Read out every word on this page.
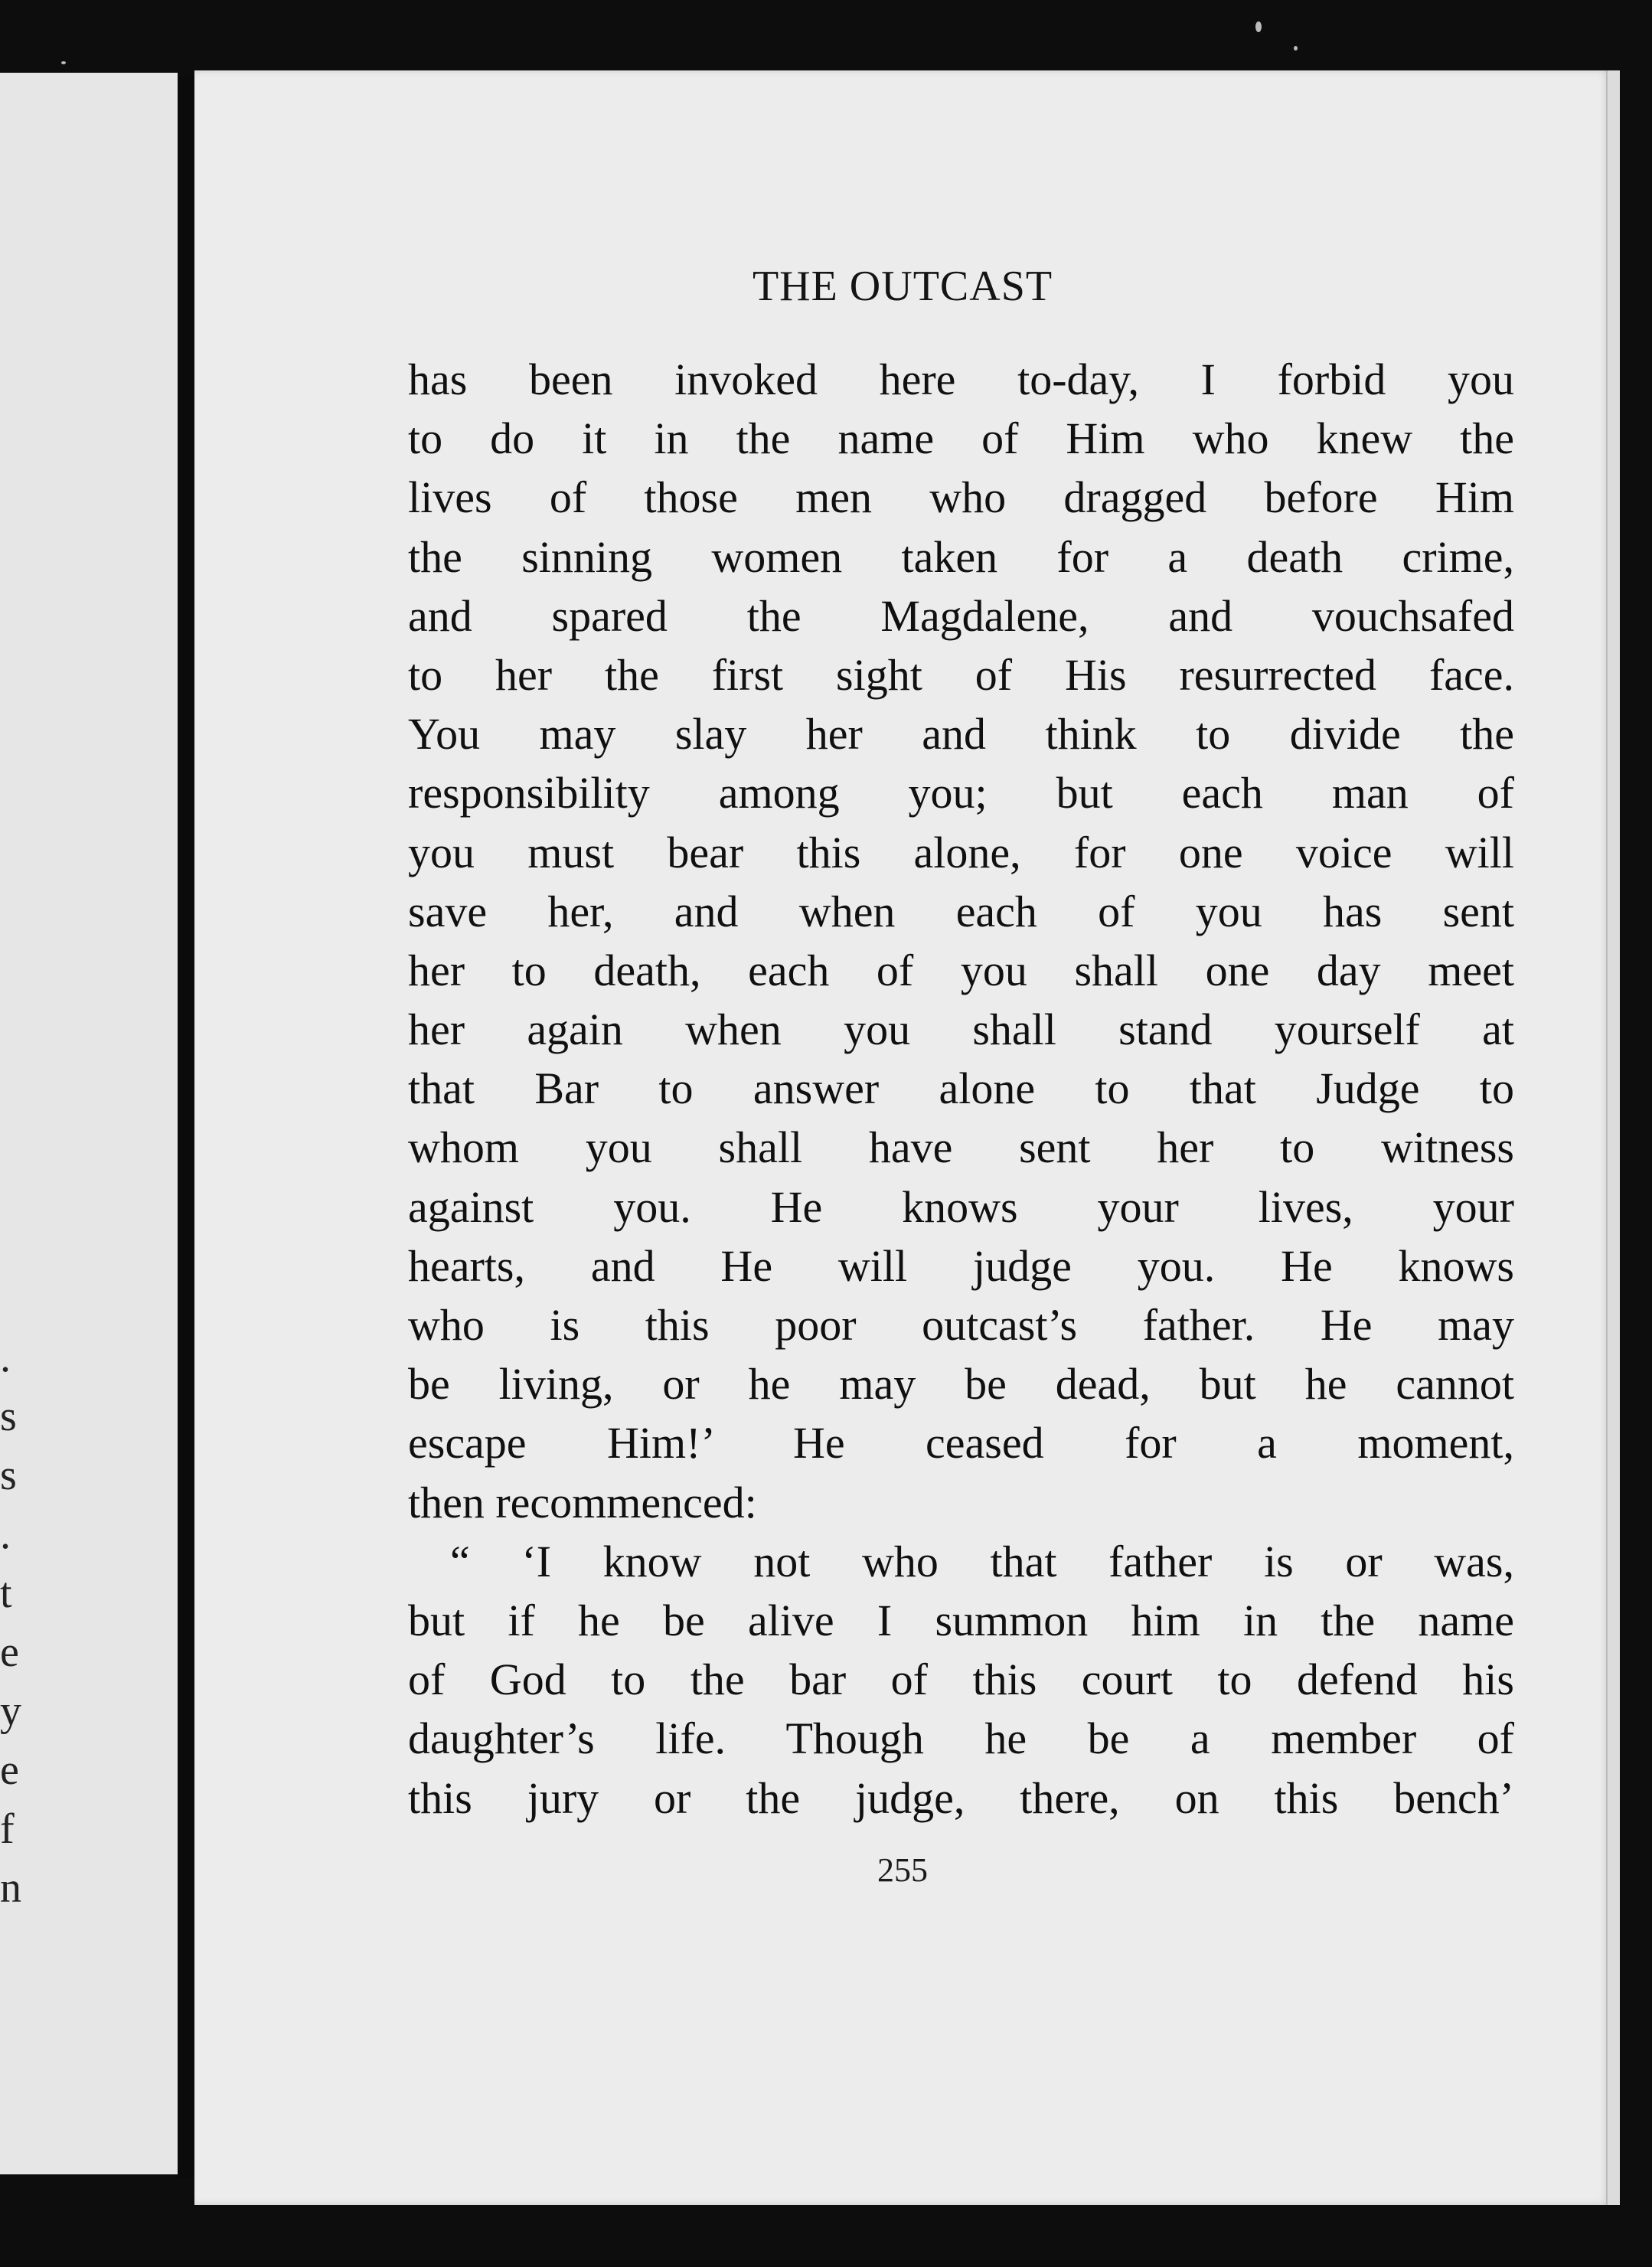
.
s
s
.
t
e
y
e
f
n
THE OUTCAST
has been invoked here to-day, I forbid you
to do it in the name of Him who knew the
lives of those men who dragged before Him
the sinning women taken for a death crime,
and spared the Magdalene, and vouchsafed
to her the first sight of His resurrected face.
You may slay her and think to divide the
responsibility among you; but each man of
you must bear this alone, for one voice will
save her, and when each of you has sent
her to death, each of you shall one day meet
her again when you shall stand yourself at
that Bar to answer alone to that Judge to
whom you shall have sent her to witness
against you. He knows your lives, your
hearts, and He will judge you. He knows
who is this poor outcast’s father. He may
be living, or he may be dead, but he cannot
escape Him!’ He ceased for a moment,
then recommenced:
“ ‘I know not who that father is or was,
but if he be alive I summon him in the name
of God to the bar of this court to defend his
daughter’s life. Though he be a member of
this jury or the judge, there, on this bench’
255
